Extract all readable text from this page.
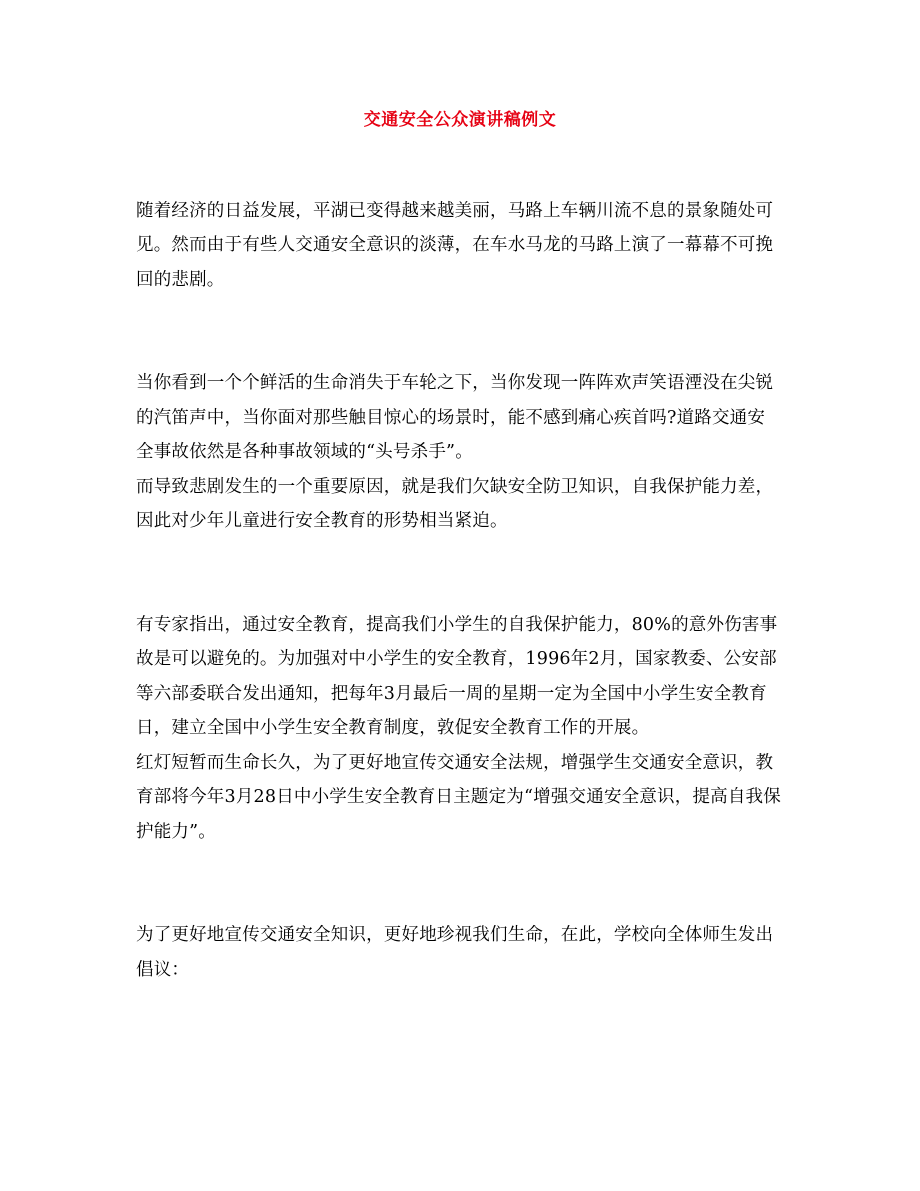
交通安全公众演讲稿例文
随着经济的日益发展，平湖已变得越来越美丽，马路上车辆川流不息的景象随处可
见。然而由于有些人交通安全意识的淡薄，在车水马龙的马路上演了一幕幕不可挽
回的悲剧。
当你看到一个个鲜活的生命消失于车轮之下，当你发现一阵阵欢声笑语湮没在尖锐
的汽笛声中，当你面对那些触目惊心的场景时，能不感到痛心疾首吗?道路交通安
全事故依然是各种事故领域的“头号杀手”。
而导致悲剧发生的一个重要原因，就是我们欠缺安全防卫知识，自我保护能力差，
因此对少年儿童进行安全教育的形势相当紧迫。
有专家指出，通过安全教育，提高我们小学生的自我保护能力，80%的意外伤害事
故是可以避免的。为加强对中小学生的安全教育，1996年2月，国家教委、公安部
等六部委联合发出通知，把每年3月最后一周的星期一定为全国中小学生安全教育
日，建立全国中小学生安全教育制度，敦促安全教育工作的开展。
红灯短暂而生命长久，为了更好地宣传交通安全法规，增强学生交通安全意识，教
育部将今年3月28日中小学生安全教育日主题定为“增强交通安全意识，提高自我保
护能力”。
为了更好地宣传交通安全知识，更好地珍视我们生命，在此，学校向全体师生发出
倡议：
